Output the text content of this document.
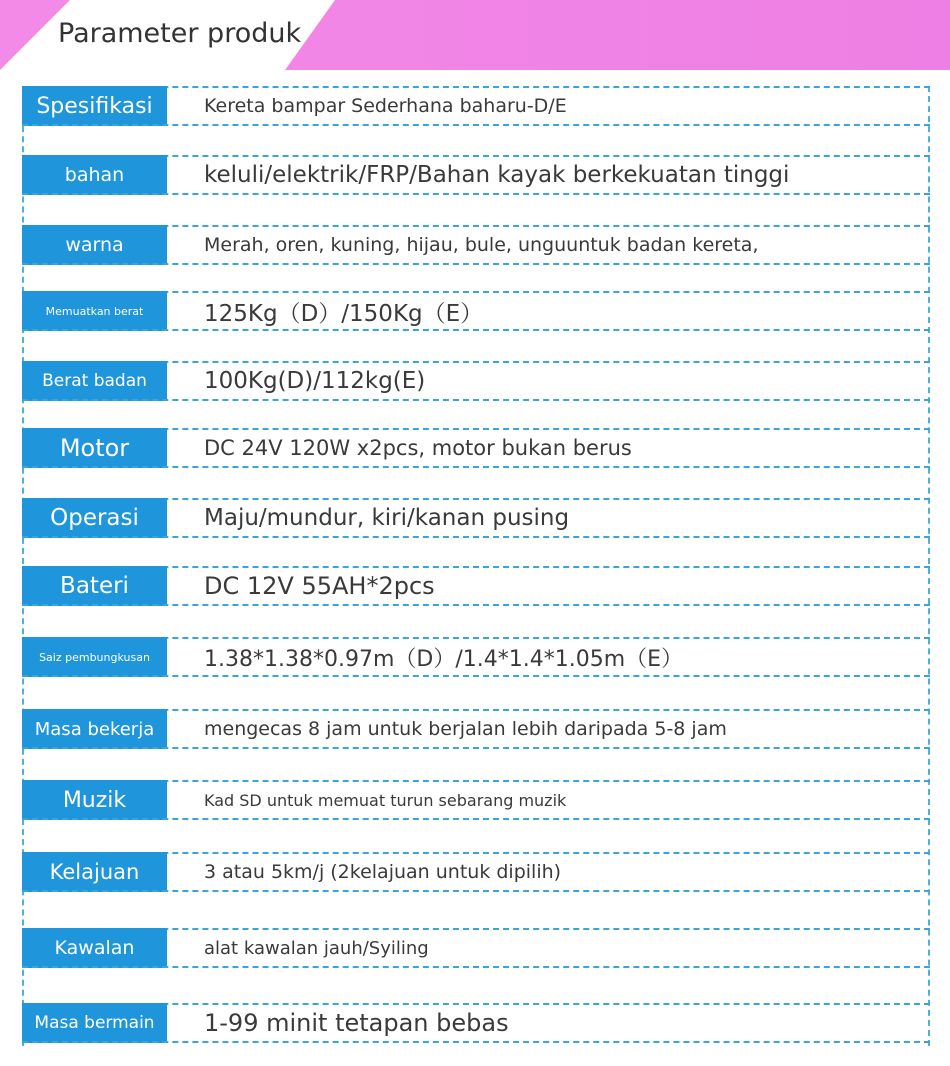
Parameter produk
Spesifikasi	Kereta bampar Sederhana baharu-D/E
bahan	keluli/elektrik/FRP/Bahan kayak berkekuatan tinggi
warna	Merah, oren, kuning, hijau, bule, unguuntuk badan kereta,
Memuatkan berat	125Kg（D）/150Kg（E）
Berat badan	100Kg(D)/112kg(E)
Motor	DC 24V 120W x2pcs, motor bukan berus
Operasi	Maju/mundur, kiri/kanan pusing
Bateri	DC 12V 55AH*2pcs
Saiz pembungkusan	1.38*1.38*0.97m（D）/1.4*1.4*1.05m（E）
Masa bekerja	mengecas 8 jam untuk berjalan lebih daripada 5-8 jam
Muzik	Kad SD untuk memuat turun sebarang muzik
Kelajuan	3 atau 5km/j (2kelajuan untuk dipilih)
Kawalan	alat kawalan jauh/Syiling
Masa bermain	1-99 minit tetapan bebas
